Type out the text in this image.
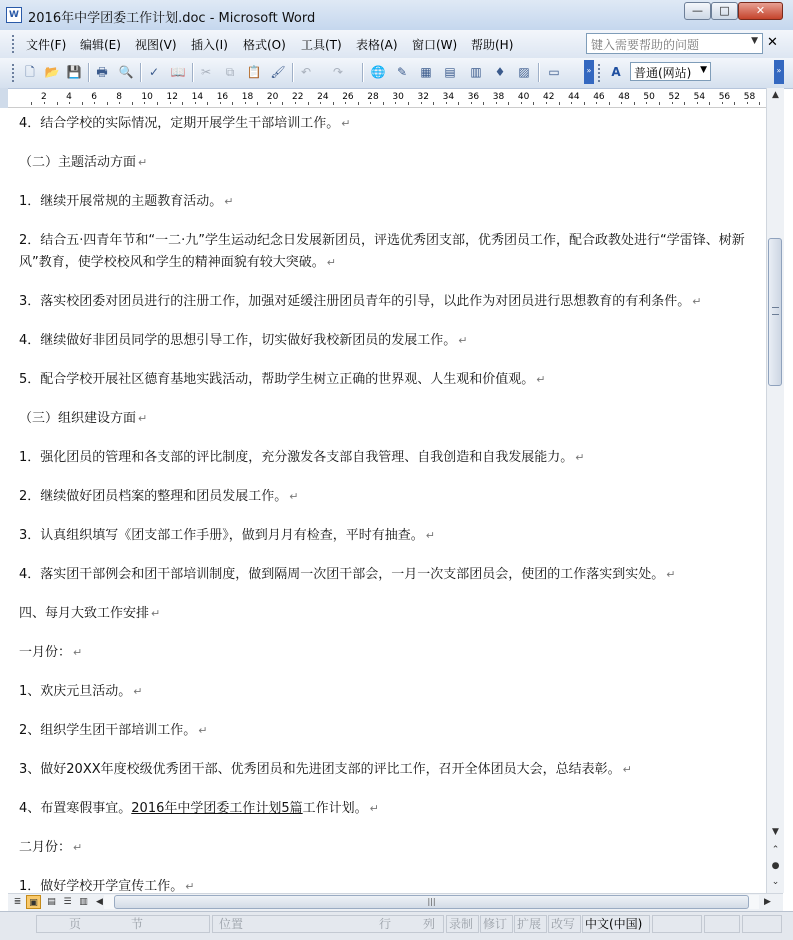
W 2016年中学团委工作计划.doc - Microsoft Word
—	□	✕
文件(F) 编辑(E) 视图(V) 插入(I) 格式(O) 工具(T) 表格(A) 窗口(W) 帮助(H)	键入需要帮助的问题	▼ ✕
🗋 📂 💾 🖶 🔍 ✓ 📖 ✂	⧉	📋 🖌 ↶ ↷ 🌐 ✎ ▦ ▤ ▥ ♦ ▨ ▭	» A	普通(网站) ▼	»
2 4 6 8 10 12 14 16 18 20 22 24 26 28 30 32 34 36 38 40 42 44 46 48 50 52 54 56 58
4．结合学校的实际情况，定期开展学生干部培训工作。 ↵
（二）主题活动方面 ↵
1．继续开展常规的主题教育活动。 ↵
2．结合五·四青年节和“一二·九”学生运动纪念日发展新团员，评选优秀团支部，优秀团员工作，配合政教处进行“学雷锋、树新风”教育，使学校校风和学生的精神面貌有较大突破。 ↵
3．落实校团委对团员进行的注册工作，加强对延缓注册团员青年的引导，以此作为对团员进行思想教育的有利条件。 ↵
4．继续做好非团员同学的思想引导工作，切实做好我校新团员的发展工作。 ↵
5．配合学校开展社区德育基地实践活动，帮助学生树立正确的世界观、人生观和价值观。 ↵
（三）组织建设方面 ↵
1．强化团员的管理和各支部的评比制度，充分激发各支部自我管理、自我创造和自我发展能力。 ↵
2．继续做好团员档案的整理和团员发展工作。 ↵
3．认真组织填写《团支部工作手册》，做到月月有检查，平时有抽查。 ↵
4．落实团干部例会和团干部培训制度，做到隔周一次团干部会，一月一次支部团员会，使团的工作落实到实处。 ↵
四、每月大致工作安排 ↵
一月份： ↵
1、欢庆元旦活动。 ↵
2、组织学生团干部培训工作。 ↵
3、做好20XX年度校级优秀团干部、优秀团员和先进团支部的评比工作，召开全体团员大会，总结表彰。 ↵
4、布置寒假事宜。2016年中学团委工作计划5篇工作计划。 ↵
二月份： ↵
1．做好学校开学宣传工作。 ↵
▲
▼
⌃
●
⌄
≣ ▣	▤ ☰ ▥ ◀	|||	▶
页	节	位置	行	列 录制 修订 扩展 改写 中文(中国)
